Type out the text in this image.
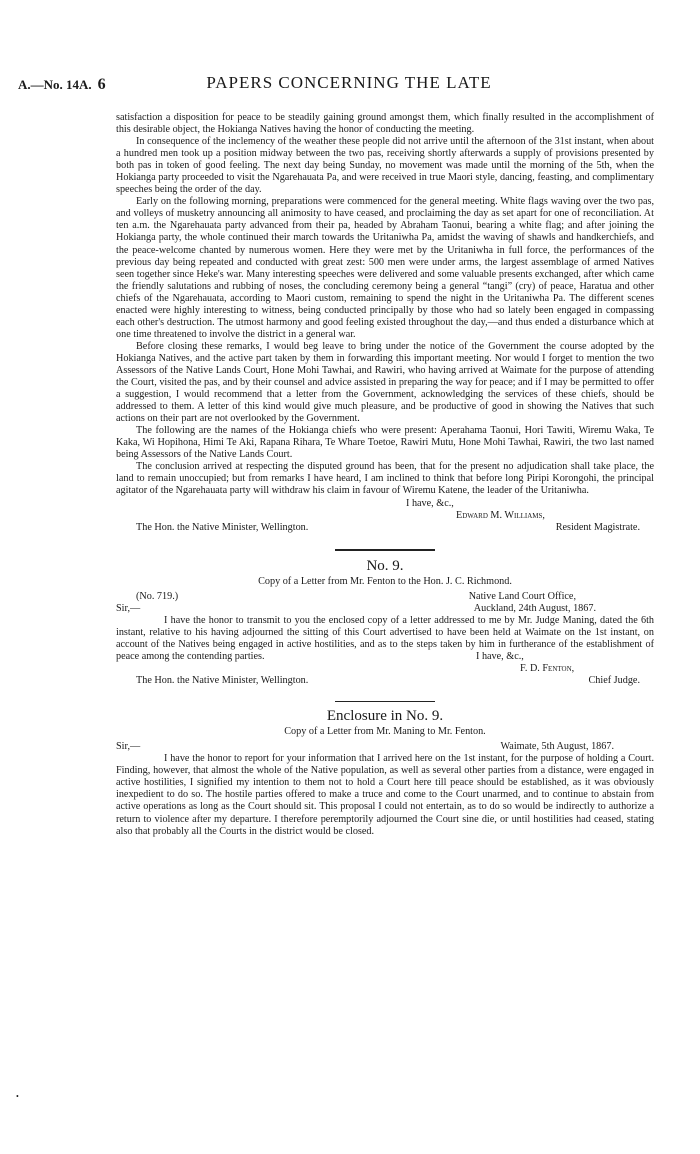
A.—No. 14A. 6	PAPERS CONCERNING THE LATE

satisfaction a disposition for peace to be steadily gaining ground amongst them, which finally resulted in the accomplishment of this desirable object, the Hokianga Natives having the honor of conducting the meeting.

In consequence of the inclemency of the weather these people did not arrive until the afternoon of the 31st instant, when about a hundred men took up a position midway between the two pas, receiving shortly afterwards a supply of provisions presented by both pas in token of good feeling. The next day being Sunday, no movement was made until the morning of the 5th, when the Hokianga party proceeded to visit the Ngarehauata Pa, and were received in true Maori style, dancing, feasting, and complimentary speeches being the order of the day.

Early on the following morning, preparations were commenced for the general meeting. White flags waving over the two pas, and volleys of musketry announcing all animosity to have ceased, and proclaiming the day as set apart for one of reconciliation. At ten a.m. the Ngarehauata party advanced from their pa, headed by Abraham Taonui, bearing a white flag; and after joining the Hokianga party, the whole continued their march towards the Uritaniwha Pa, amidst the waving of shawls and handkerchiefs, and the peace-welcome chanted by numerous women. Here they were met by the Uritaniwha in full force, the performances of the previous day being repeated and conducted with great zest: 500 men were under arms, the largest assemblage of armed Natives seen together since Heke's war. Many interesting speeches were delivered and some valuable presents exchanged, after which came the friendly salutations and rubbing of noses, the concluding ceremony being a general “tangi” (cry) of peace, Haratua and other chiefs of the Ngarehauata, according to Maori custom, remaining to spend the night in the Uritaniwha Pa. The different scenes enacted were highly interesting to witness, being conducted principally by those who had so lately been engaged in compassing each other's destruction. The utmost harmony and good feeling existed throughout the day,—and thus ended a disturbance which at one time threatened to involve the district in a general war.

Before closing these remarks, I would beg leave to bring under the notice of the Government the course adopted by the Hokianga Natives, and the active part taken by them in forwarding this important meeting. Nor would I forget to mention the two Assessors of the Native Lands Court, Hone Mohi Tawhai, and Rawiri, who having arrived at Waimate for the purpose of attending the Court, visited the pas, and by their counsel and advice assisted in preparing the way for peace; and if I may be permitted to offer a suggestion, I would recommend that a letter from the Government, acknowledging the services of these chiefs, should be addressed to them. A letter of this kind would give much pleasure, and be productive of good in showing the Natives that such actions on their part are not overlooked by the Government.

The following are the names of the Hokianga chiefs who were present: Aperahama Taonui, Hori Tawiti, Wiremu Waka, Te Kaka, Wi Hopihona, Himi Te Aki, Rapana Rihara, Te Whare Toetoe, Rawiri Mutu, Hone Mohi Tawhai, Rawiri, the two last named being Assessors of the Native Lands Court.

The conclusion arrived at respecting the disputed ground has been, that for the present no adjudication shall take place, the land to remain unoccupied; but from remarks I have heard, I am inclined to think that before long Piripi Korongohi, the principal agitator of the Ngarehauata party will withdraw his claim in favour of Wiremu Katene, the leader of the Uritaniwha.

I have, &c.,

Edward M. Williams,

The Hon. the Native Minister, Wellington.	Resident Magistrate.
No. 9.
Copy of a Letter from Mr. Fenton to the Hon. J. C. Richmond.
(No. 719.)	Native Land Court Office,
Sir,—	Auckland, 24th August, 1867.

I have the honor to transmit to you the enclosed copy of a letter addressed to me by Mr. Judge Maning, dated the 6th instant, relative to his having adjourned the sitting of this Court advertised to have been held at Waimate on the 1st instant, on account of the Natives being engaged in active hostilities, and as to the steps taken by him in furtherance of the establishment of peace among the contending parties.	I have, &c.,

F. D. Fenton,

The Hon. the Native Minister, Wellington.	Chief Judge.
Enclosure in No. 9.
Copy of a Letter from Mr. Maning to Mr. Fenton.
Sir,—	Waimate, 5th August, 1867.

I have the honor to report for your information that I arrived here on the 1st instant, for the purpose of holding a Court. Finding, however, that almost the whole of the Native population, as well as several other parties from a distance, were engaged in active hostilities, I signified my intention to them not to hold a Court here till peace should be established, as it was obviously inexpedient to do so. The hostile parties offered to make a truce and come to the Court unarmed, and to continue to abstain from active operations as long as the Court should sit. This proposal I could not entertain, as to do so would be indirectly to authorize a return to violence after my departure. I therefore peremptorily adjourned the Court sine die, or until hostilities had ceased, stating also that probably all the Courts in the district would be closed.

•
